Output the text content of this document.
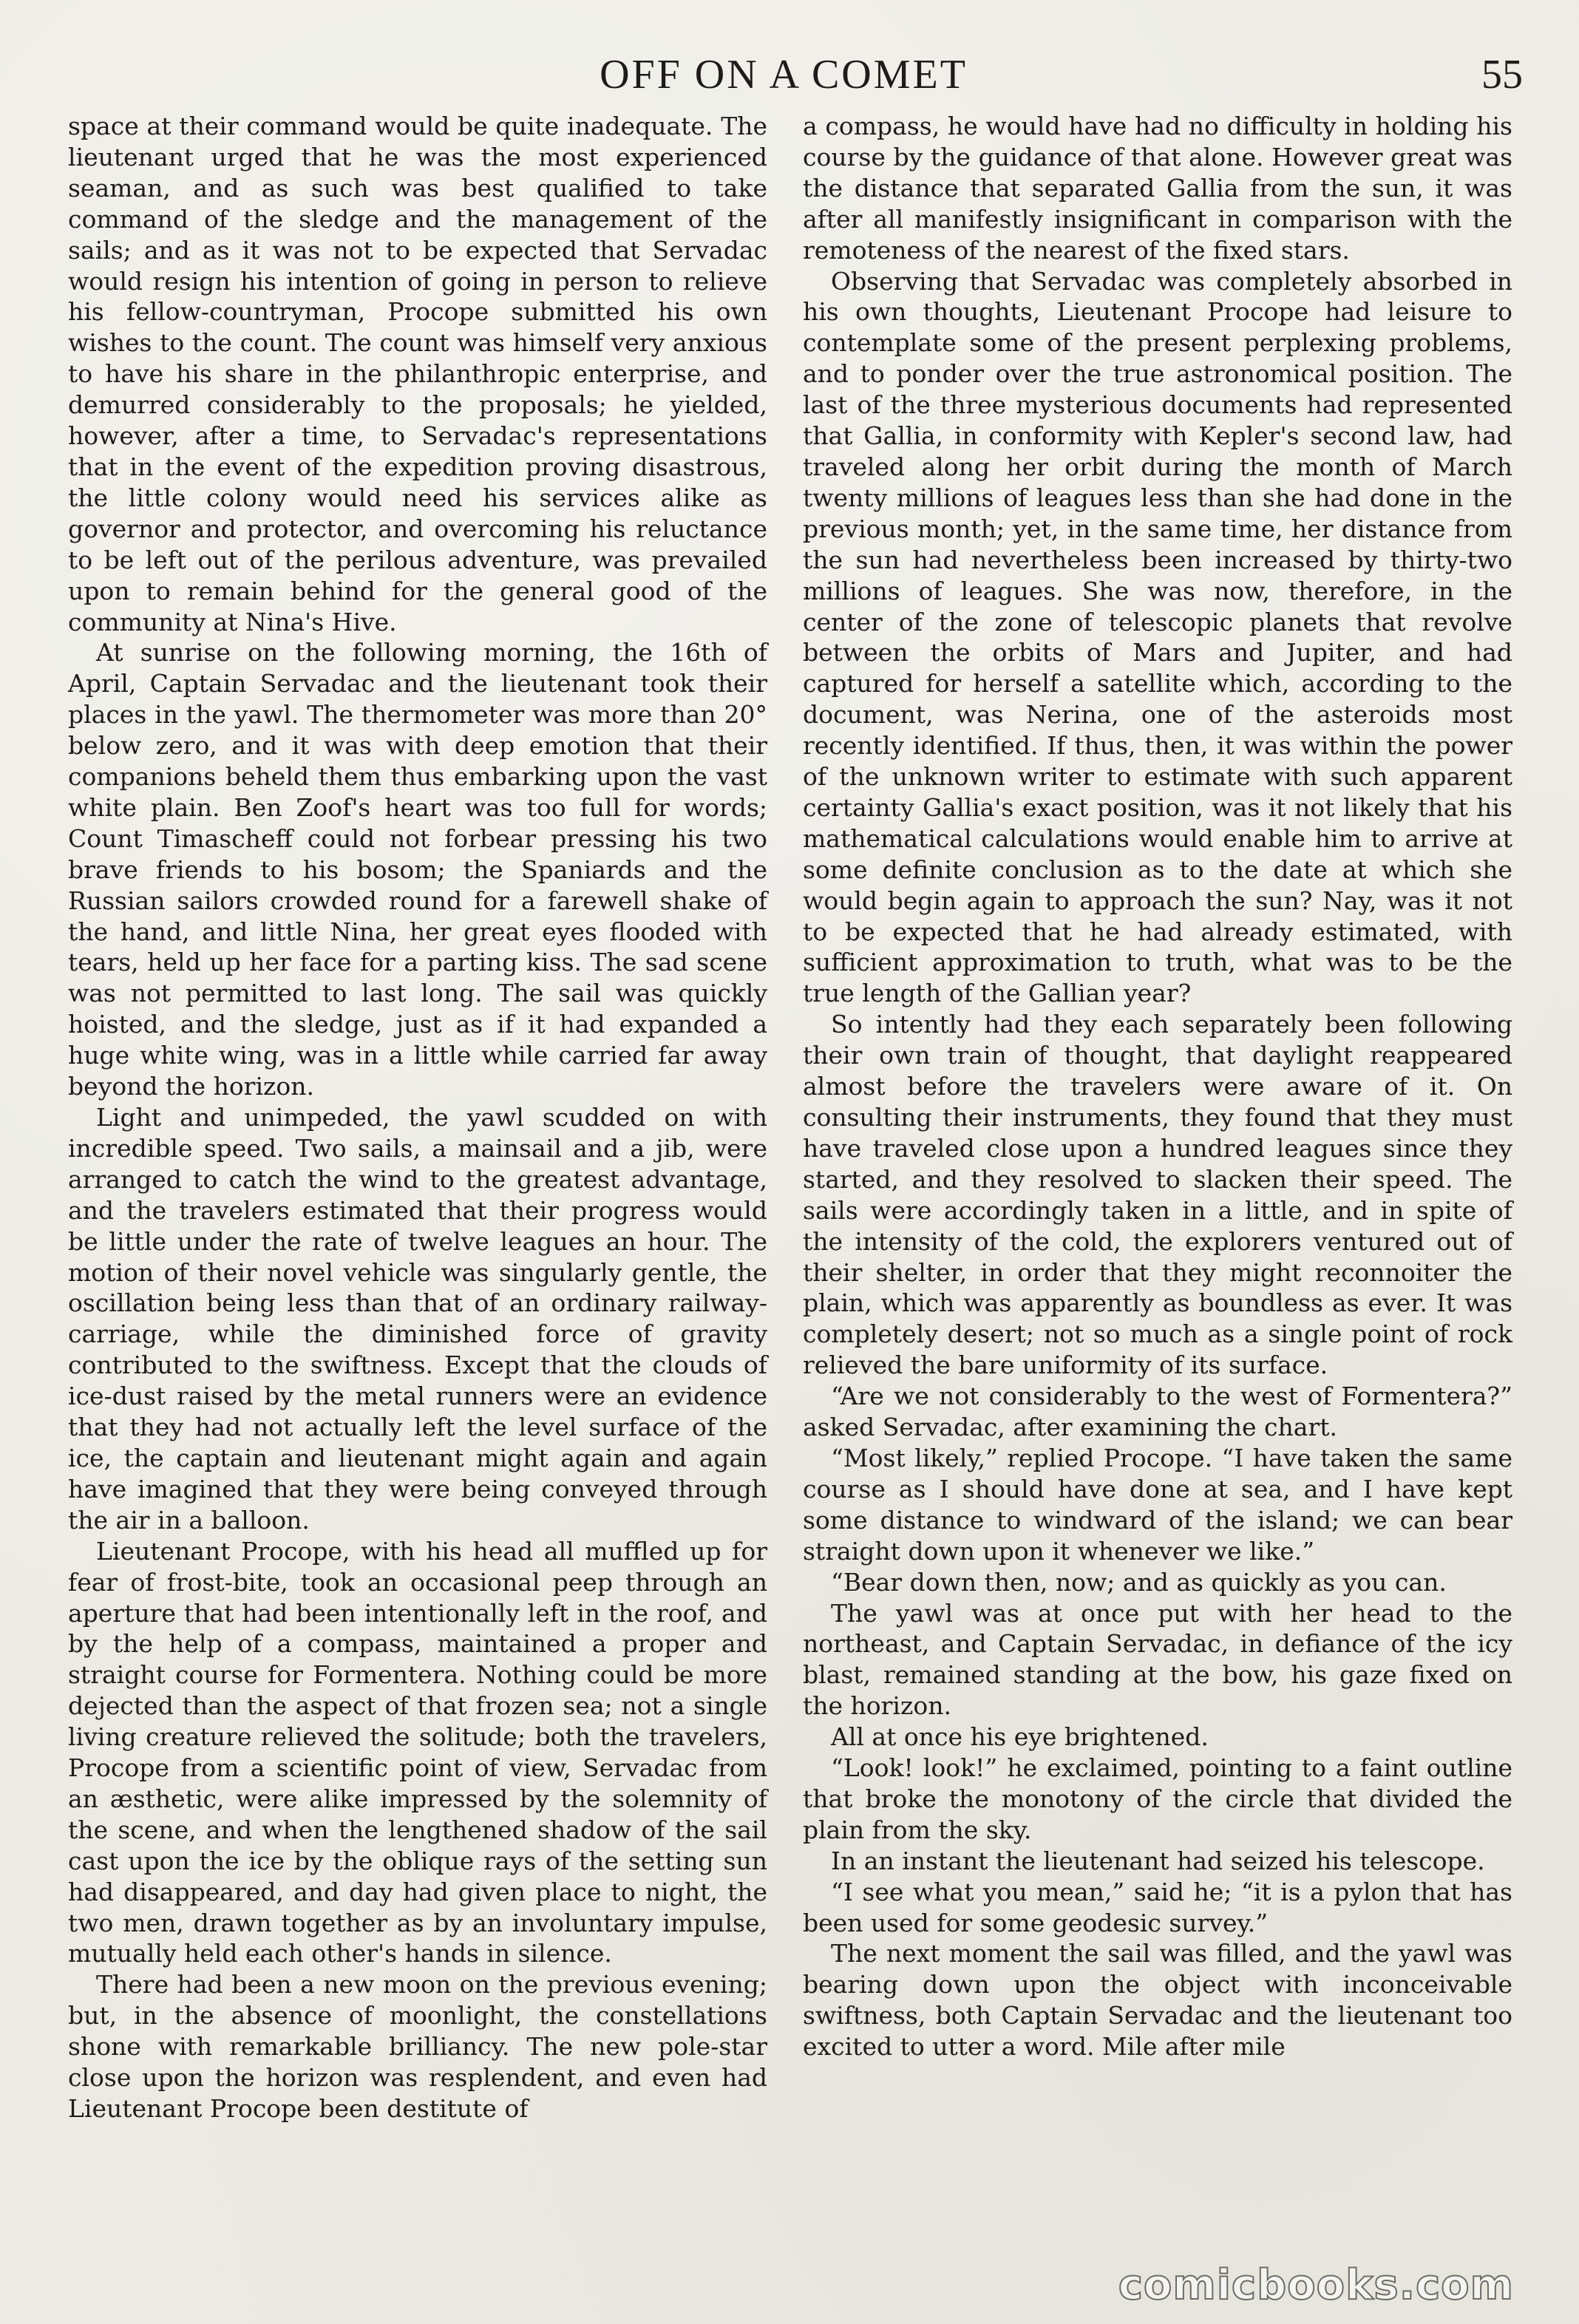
OFF ON A COMET	55

space at their command would be quite inadequate. The lieutenant urged that he was the most experienced seaman, and as such was best qualified to take command of the sledge and the management of the sails; and as it was not to be expected that Servadac would resign his intention of going in person to relieve his fellow-countryman, Procope submitted his own wishes to the count. The count was himself very anxious to have his share in the philanthropic enterprise, and demurred considerably to the proposals; he yielded, however, after a time, to Servadac's representations that in the event of the expedition proving disastrous, the little colony would need his services alike as governor and protector, and overcoming his reluctance to be left out of the perilous adventure, was prevailed upon to remain behind for the general good of the community at Nina's Hive.

At sunrise on the following morning, the 16th of April, Captain Servadac and the lieutenant took their places in the yawl. The thermometer was more than 20° below zero, and it was with deep emotion that their companions beheld them thus embarking upon the vast white plain. Ben Zoof's heart was too full for words; Count Timascheff could not forbear pressing his two brave friends to his bosom; the Spaniards and the Russian sailors crowded round for a farewell shake of the hand, and little Nina, her great eyes flooded with tears, held up her face for a parting kiss. The sad scene was not permitted to last long. The sail was quickly hoisted, and the sledge, just as if it had expanded a huge white wing, was in a little while carried far away beyond the horizon.

Light and unimpeded, the yawl scudded on with incredible speed. Two sails, a mainsail and a jib, were arranged to catch the wind to the greatest advantage, and the travelers estimated that their progress would be little under the rate of twelve leagues an hour. The motion of their novel vehicle was singularly gentle, the oscillation being less than that of an ordinary railway-carriage, while the diminished force of gravity contributed to the swiftness. Except that the clouds of ice-dust raised by the metal runners were an evidence that they had not actually left the level surface of the ice, the captain and lieutenant might again and again have imagined that they were being conveyed through the air in a balloon.

Lieutenant Procope, with his head all muffled up for fear of frost-bite, took an occasional peep through an aperture that had been intentionally left in the roof, and by the help of a compass, maintained a proper and straight course for Formentera. Nothing could be more dejected than the aspect of that frozen sea; not a single living creature relieved the solitude; both the travelers, Procope from a scientific point of view, Servadac from an æsthetic, were alike impressed by the solemnity of the scene, and when the lengthened shadow of the sail cast upon the ice by the oblique rays of the setting sun had disappeared, and day had given place to night, the two men, drawn together as by an involuntary impulse, mutually held each other's hands in silence.

There had been a new moon on the previous evening; but, in the absence of moonlight, the constellations shone with remarkable brilliancy. The new pole-star close upon the horizon was resplendent, and even had Lieutenant Procope been destitute of

a compass, he would have had no difficulty in holding his course by the guidance of that alone. However great was the distance that separated Gallia from the sun, it was after all manifestly insignificant in comparison with the remoteness of the nearest of the fixed stars.

Observing that Servadac was completely absorbed in his own thoughts, Lieutenant Procope had leisure to contemplate some of the present perplexing problems, and to ponder over the true astronomical position. The last of the three mysterious documents had represented that Gallia, in conformity with Kepler's second law, had traveled along her orbit during the month of March twenty millions of leagues less than she had done in the previous month; yet, in the same time, her distance from the sun had nevertheless been increased by thirty-two millions of leagues. She was now, therefore, in the center of the zone of telescopic planets that revolve between the orbits of Mars and Jupiter, and had captured for herself a satellite which, according to the document, was Nerina, one of the asteroids most recently identified. If thus, then, it was within the power of the unknown writer to estimate with such apparent certainty Gallia's exact position, was it not likely that his mathematical calculations would enable him to arrive at some definite conclusion as to the date at which she would begin again to approach the sun? Nay, was it not to be expected that he had already estimated, with sufficient approximation to truth, what was to be the true length of the Gallian year?

So intently had they each separately been following their own train of thought, that daylight reappeared almost before the travelers were aware of it. On consulting their instruments, they found that they must have traveled close upon a hundred leagues since they started, and they resolved to slacken their speed. The sails were accordingly taken in a little, and in spite of the intensity of the cold, the explorers ventured out of their shelter, in order that they might reconnoiter the plain, which was apparently as boundless as ever. It was completely desert; not so much as a single point of rock relieved the bare uniformity of its surface.

“Are we not considerably to the west of Formentera?” asked Servadac, after examining the chart.

“Most likely,” replied Procope. “I have taken the same course as I should have done at sea, and I have kept some distance to windward of the island; we can bear straight down upon it whenever we like.”

“Bear down then, now; and as quickly as you can.

The yawl was at once put with her head to the northeast, and Captain Servadac, in defiance of the icy blast, remained standing at the bow, his gaze fixed on the horizon.

All at once his eye brightened.

“Look! look!” he exclaimed, pointing to a faint outline that broke the monotony of the circle that divided the plain from the sky.

In an instant the lieutenant had seized his telescope.

“I see what you mean,” said he; “it is a pylon that has been used for some geodesic survey.”

The next moment the sail was filled, and the yawl was bearing down upon the object with inconceivable swiftness, both Captain Servadac and the lieutenant too excited to utter a word. Mile after mile

comicbooks.com
